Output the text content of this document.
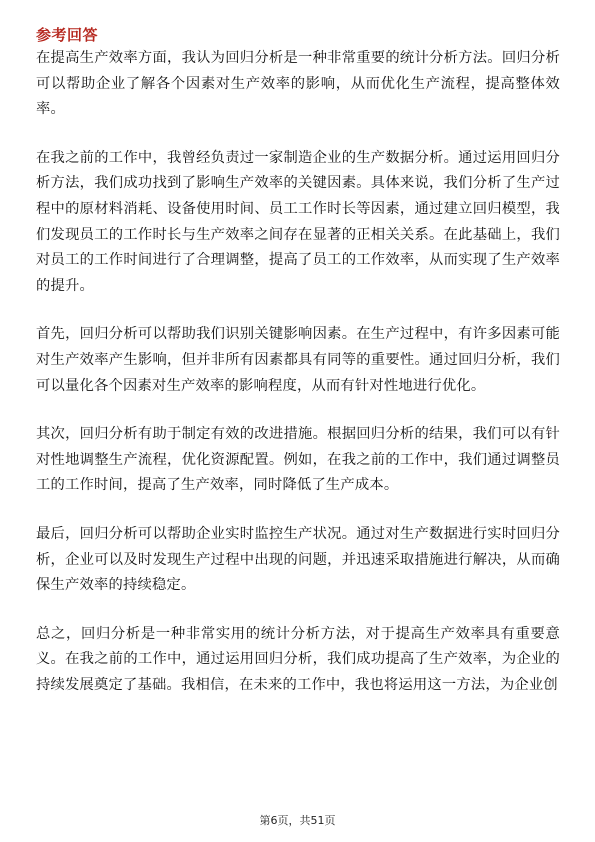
参考回答

在提高生产效率方面，我认为回归分析是一种非常重要的统计分析方法。回归分析可以帮助企业了解各个因素对生产效率的影响，从而优化生产流程，提高整体效率。

在我之前的工作中，我曾经负责过一家制造企业的生产数据分析。通过运用回归分析方法，我们成功找到了影响生产效率的关键因素。具体来说，我们分析了生产过程中的原材料消耗、设备使用时间、员工工作时长等因素，通过建立回归模型，我们发现员工的工作时长与生产效率之间存在显著的正相关关系。在此基础上，我们对员工的工作时间进行了合理调整，提高了员工的工作效率，从而实现了生产效率的提升。

首先，回归分析可以帮助我们识别关键影响因素。在生产过程中，有许多因素可能对生产效率产生影响，但并非所有因素都具有同等的重要性。通过回归分析，我们可以量化各个因素对生产效率的影响程度，从而有针对性地进行优化。

其次，回归分析有助于制定有效的改进措施。根据回归分析的结果，我们可以有针对性地调整生产流程，优化资源配置。例如，在我之前的工作中，我们通过调整员工的工作时间，提高了生产效率，同时降低了生产成本。

最后，回归分析可以帮助企业实时监控生产状况。通过对生产数据进行实时回归分析，企业可以及时发现生产过程中出现的问题，并迅速采取措施进行解决，从而确保生产效率的持续稳定。

总之，回归分析是一种非常实用的统计分析方法，对于提高生产效率具有重要意义。在我之前的工作中，通过运用回归分析，我们成功提高了生产效率，为企业的持续发展奠定了基础。我相信，在未来的工作中，我也将运用这一方法，为企业创

第6页，共51页
